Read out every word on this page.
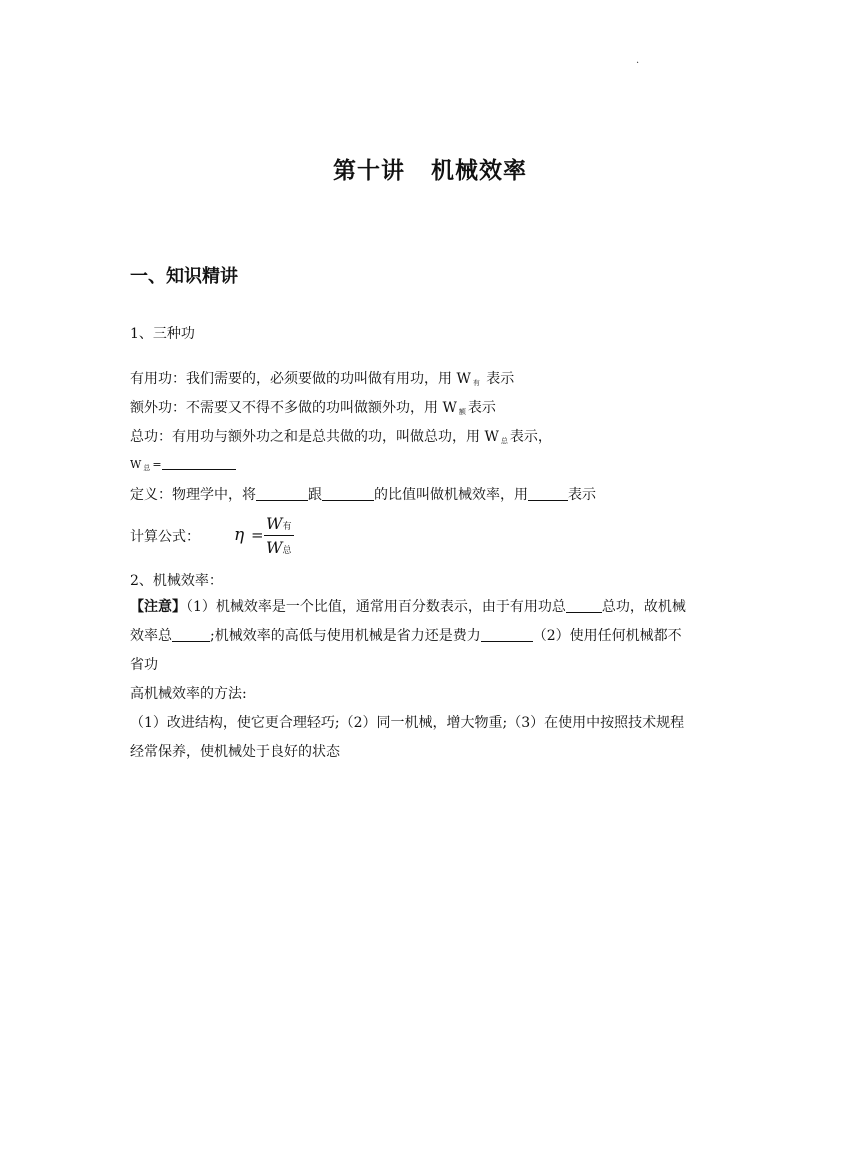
·
第十讲 机械效率
一、知识精讲
1、三种功
有用功：我们需要的，必须要做的功叫做有用功，用 W $_有$ 表示
额外功：不需要又不得不多做的功叫做额外功，用 W $_额$ 表示
总功：有用功与额外功之和是总共做的功，叫做总功，用 W $_总$ 表示，
W $_总$ =
定义：物理学中，将	跟	的比值叫做机械效率，用	表示
计算公式： η =
W有
W总
2、机械效率：
【注意】（1）机械效率是一个比值，通常用百分数表示，由于有用功总	总功，故机械
效率总	;机械效率的高低与使用机械是省力还是费力	（2）使用任何机械都不
省功
高机械效率的方法:
（1）改进结构，使它更合理轻巧;（2）同一机械，增大物重;（3）在使用中按照技术规程
经常保养，使机械处于良好的状态
